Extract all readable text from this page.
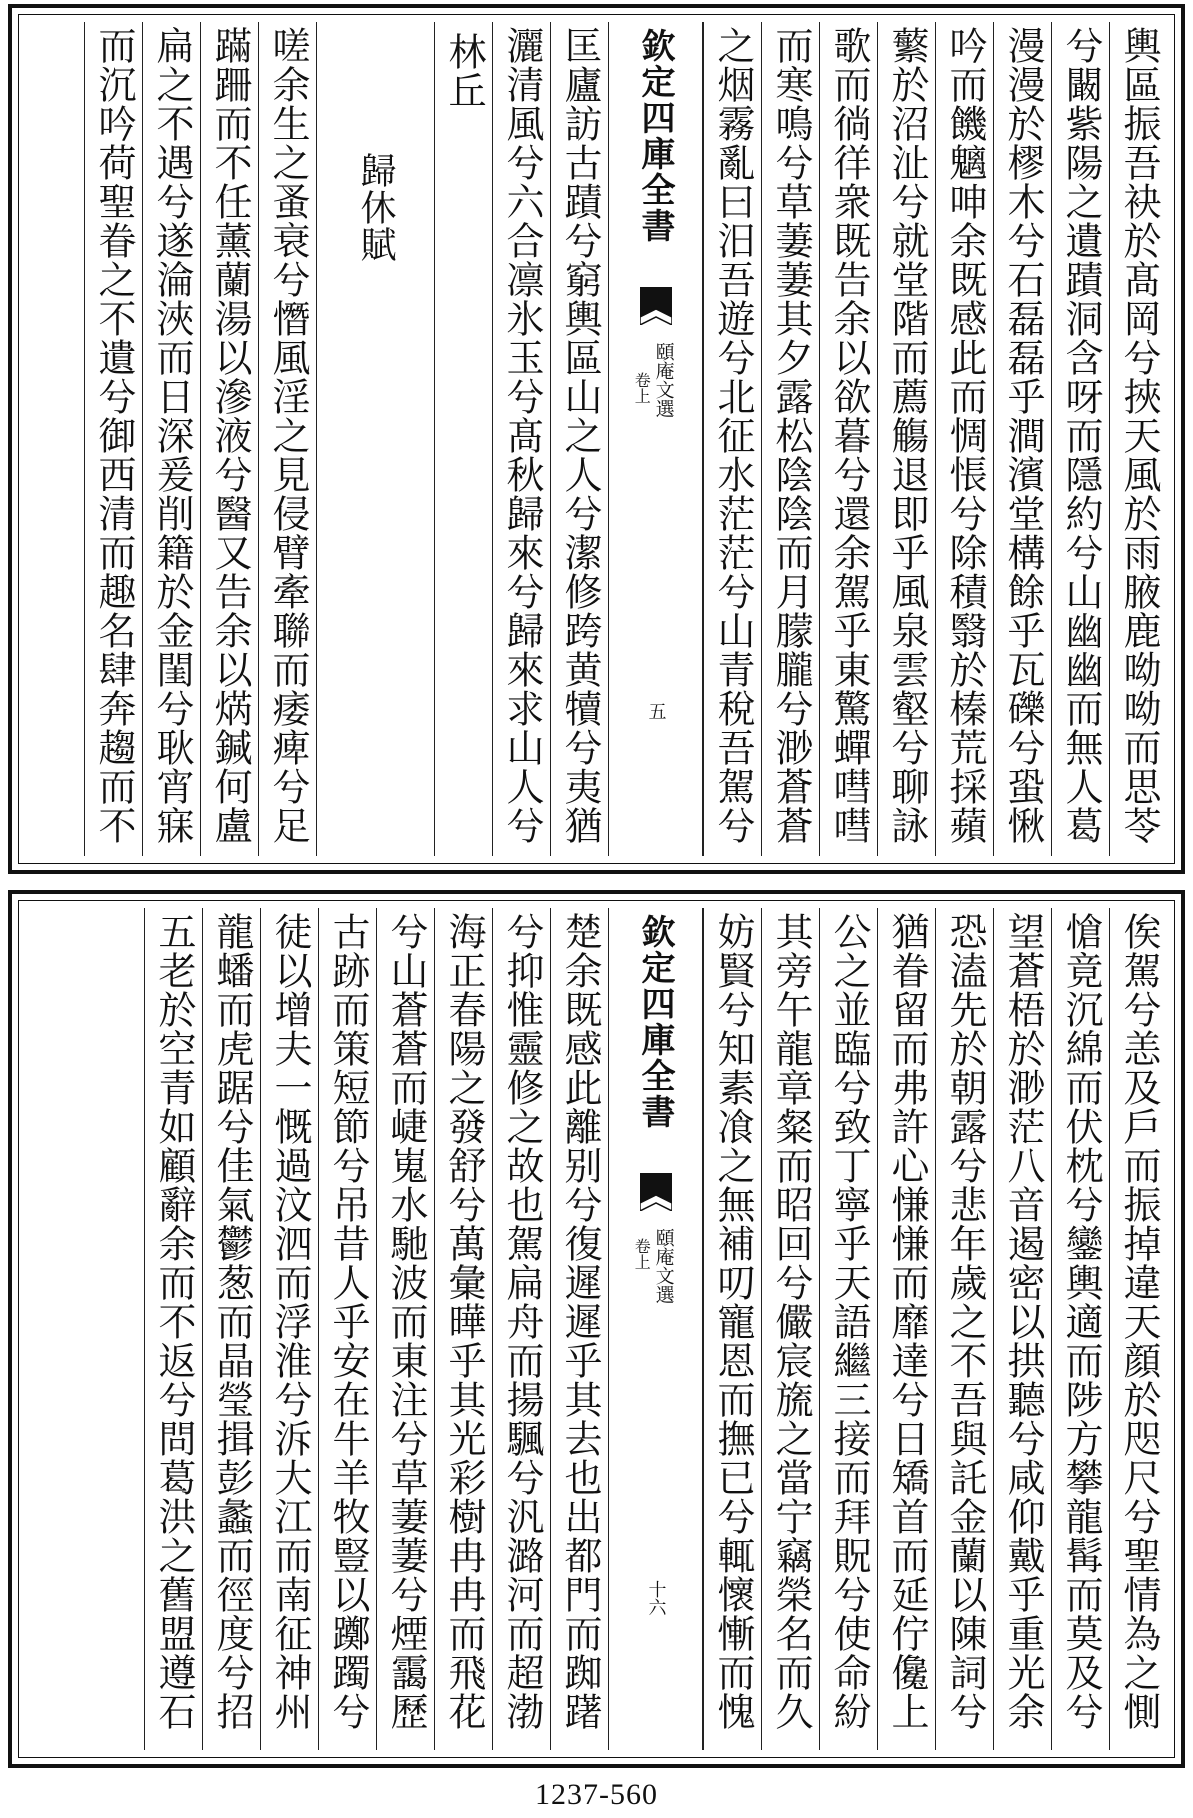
輿區振吾袂於髙岡兮挾天風於雨腋鹿呦呦而思苓
兮闞紫陽之遺蹟洞含呀而隱約兮山幽幽而無人葛
漫漫於樛木兮石磊磊乎澗濱堂構餘乎瓦礫兮蛩愀
吟而饑魑呻余既感此而惆悵兮除積翳於榛荒採蘋
蘩於沼沚兮就堂階而薦觴退即乎風泉雲壑兮聊詠
歌而徜徉衆既告余以欲暮兮還余駕乎東驚蟬嘒嘒
而寒鳴兮草萋萋其夕露松陰陰而月朦朧兮渺蒼蒼
之烟霧亂曰汨吾遊兮北征水茫茫兮山青稅吾駕兮
欽定四庫全書
頤庵文選
卷上
五
匡廬訪古蹟兮窮輿區山之人兮潔修跨黄犢兮夷猶
灑清風兮六合凛氷玉兮髙秋歸來兮歸來求山人兮
林丘
歸休賦
嗟余生之蚤衰兮憯風淫之見侵臂牽聯而痿痺兮足
蹣跚而不任薰蘭湯以滲液兮醫又告余以焫鍼何盧
扁之不遇兮遂淪浹而日深爰削籍於金閨兮耿宵寐
而沉吟荷聖眷之不遺兮御西清而趣名肆奔趨而不
俟駕兮恙及戶而振掉違天顔於咫尺兮聖情為之惻
愴竟沉綿而伏枕兮鑾輿適而陟方攀龍髯而莫及兮
望蒼梧於渺茫八音遏密以拱聽兮咸仰戴乎重光余
恐溘先於朝露兮悲年歲之不吾與託金蘭以陳詞兮
猶眷留而弗許心慊慊而靡達兮日矯首而延佇儳上
公之並臨兮致丁寧乎天語繼三接而拜貺兮使命紛
其旁午龍章粲而昭回兮儼宸旒之當宁竊榮名而久
妨賢兮知素飡之無補叨寵恩而撫已兮輒懷慚而愧
欽定四庫全書
頤庵文選
卷上
十六
楚余既感此離别兮復遲遲乎其去也出都門而踟躇
兮抑惟靈修之故也駕扁舟而揚颿兮汎潞河而超渤
海正春陽之發舒兮萬彙曄乎其光彩樹冉冉而飛花
兮山蒼蒼而崨嵬水馳波而東注兮草萋萋兮煙靄歷
古跡而策短節兮吊昔人乎安在牛羊牧豎以躑躅兮
徒以增夫一慨過汶泗而浮淮兮泝大江而南征神州
龍蟠而虎踞兮佳氣鬱葱而晶瑩揖彭蠡而徑度兮招
五老於空青如顧辭余而不返兮問葛洪之舊盟遵石
1237-560
